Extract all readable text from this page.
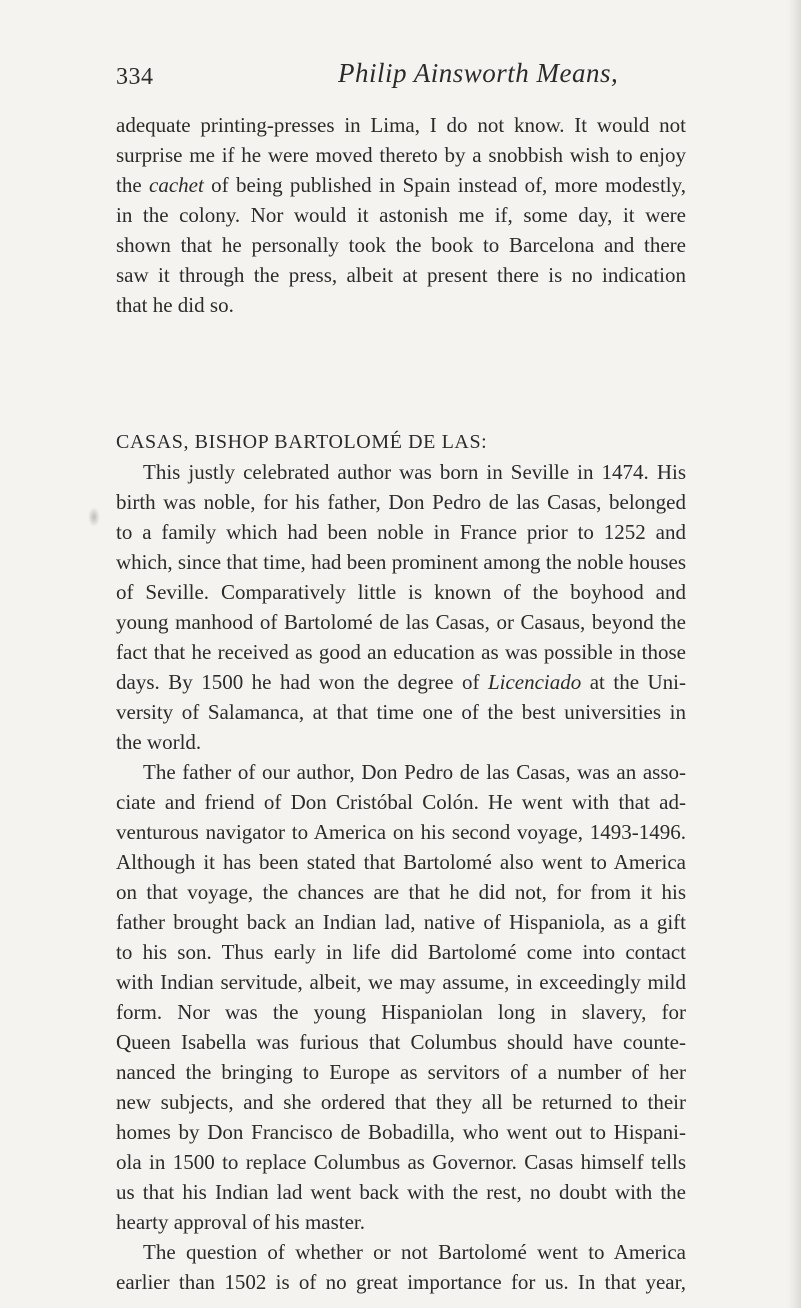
334	Philip Ainsworth Means,
adequate printing-presses in Lima, I do not know. It would not
surprise me if he were moved thereto by a snobbish wish to enjoy
the cachet of being published in Spain instead of, more modestly,
in the colony. Nor would it astonish me if, some day, it were
shown that he personally took the book to Barcelona and there
saw it through the press, albeit at present there is no indication
that he did so.
CASAS, BISHOP BARTOLOMÉ DE LAS:
This justly celebrated author was born in Seville in 1474. His
birth was noble, for his father, Don Pedro de las Casas, belonged
to a family which had been noble in France prior to 1252 and
which, since that time, had been prominent among the noble houses
of Seville. Comparatively little is known of the boyhood and
young manhood of Bartolomé de las Casas, or Casaus, beyond the
fact that he received as good an education as was possible in those
days. By 1500 he had won the degree of Licenciado at the Uni-
versity of Salamanca, at that time one of the best universities in
the world.
The father of our author, Don Pedro de las Casas, was an asso-
ciate and friend of Don Cristóbal Colón. He went with that ad-
venturous navigator to America on his second voyage, 1493-1496.
Although it has been stated that Bartolomé also went to America
on that voyage, the chances are that he did not, for from it his
father brought back an Indian lad, native of Hispaniola, as a gift
to his son. Thus early in life did Bartolomé come into contact
with Indian servitude, albeit, we may assume, in exceedingly mild
form. Nor was the young Hispaniolan long in slavery, for
Queen Isabella was furious that Columbus should have counte-
nanced the bringing to Europe as servitors of a number of her
new subjects, and she ordered that they all be returned to their
homes by Don Francisco de Bobadilla, who went out to Hispani-
ola in 1500 to replace Columbus as Governor. Casas himself tells
us that his Indian lad went back with the rest, no doubt with the
hearty approval of his master.
The question of whether or not Bartolomé went to America
earlier than 1502 is of no great importance for us. In that year,
